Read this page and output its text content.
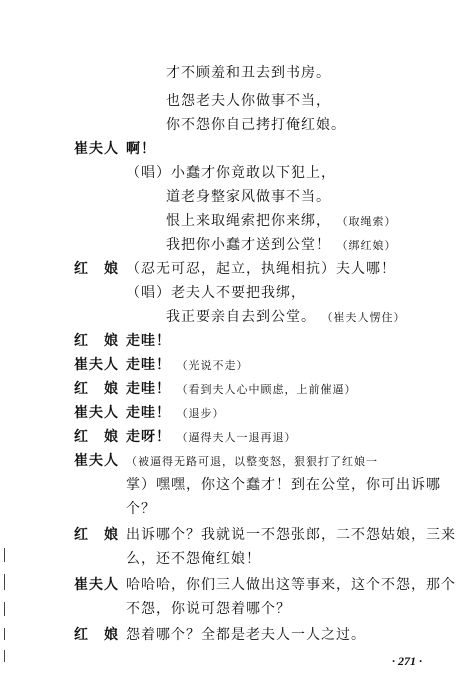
才不顾羞和丑去到书房。
也怨老夫人你做事不当，
你不怨你自己拷打俺红娘。
崔夫人 啊！
（唱）小蠢才你竟敢以下犯上，
道老身整家风做事不当。
恨上来取绳索把你来绑， （取绳索）
我把你小蠢才送到公堂！ （绑红娘）
红　娘 （忍无可忍，起立，执绳相抗）夫人哪！
（唱）老夫人不要把我绑，
我正要亲自去到公堂。 （崔夫人愣住）
红　娘 走哇！
崔夫人 走哇！ （光说不走）
红　娘 走哇！ （看到夫人心中顾虑，上前催逼）
崔夫人 走哇！ （退步）
红　娘 走呀！ （逼得夫人一退再退）
崔夫人 （被逼得无路可退，以整变怒，狠狠打了红娘一
掌）嘿嘿，你这个蠢才！到在公堂，你可出诉哪
个？
红　娘 出诉哪个？我就说一不怨张郎，二不怨姑娘，三来
么，还不怨俺红娘！
崔夫人 哈哈哈，你们三人做出这等事来，这个不怨，那个
不怨，你说可怨着哪个？
红　娘 怨着哪个？全都是老夫人一人之过。
· 271 ·
